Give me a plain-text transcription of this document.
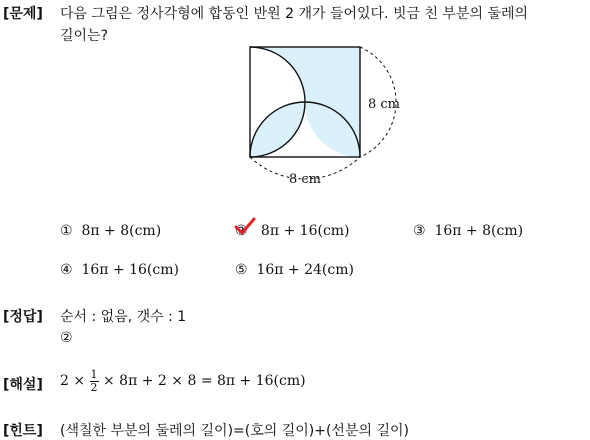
[문제] 다음 그림은 정사각형에 합동인 반원 2 개가 들어있다. 빗금 친 부분의 둘레의
길이는?
8 cm
8 cm
① 8π + 8(cm)	② 8π + 16(cm)	③ 16π + 8(cm)
④ 16π + 16(cm)	⑤ 16π + 24(cm)
[정답] 순서 : 없음, 갯수 : 1
②
[해설] $2 \times \frac{1}{2} \times 8\pi + 2 \times 8 = 8\pi + 16(cm)$
[힌트] (색칠한 부분의 둘레의 길이)=(호의 길이)+(선분의 길이)
